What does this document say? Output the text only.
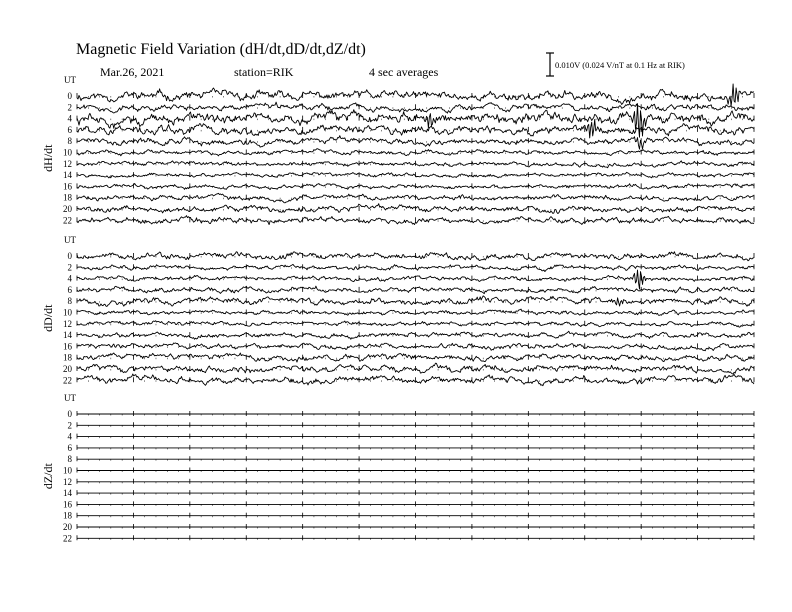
Magnetic Field Variation (dH/dt,dD/dt,dZ/dt)
Mar.26, 2021	station=RIK	4 sec averages	0.010V (0.024 V/nT at 0.1 Hz at RIK)
UT
dH/dt
0
2
4
6
8
10
12
14
16
18
20
22
UT
dD/dt
0
2
4
6
8
10
12
14
16
18
20
22
UT
dZ/dt
0
2
4
6
8
10
12
14
16
18
20
22
